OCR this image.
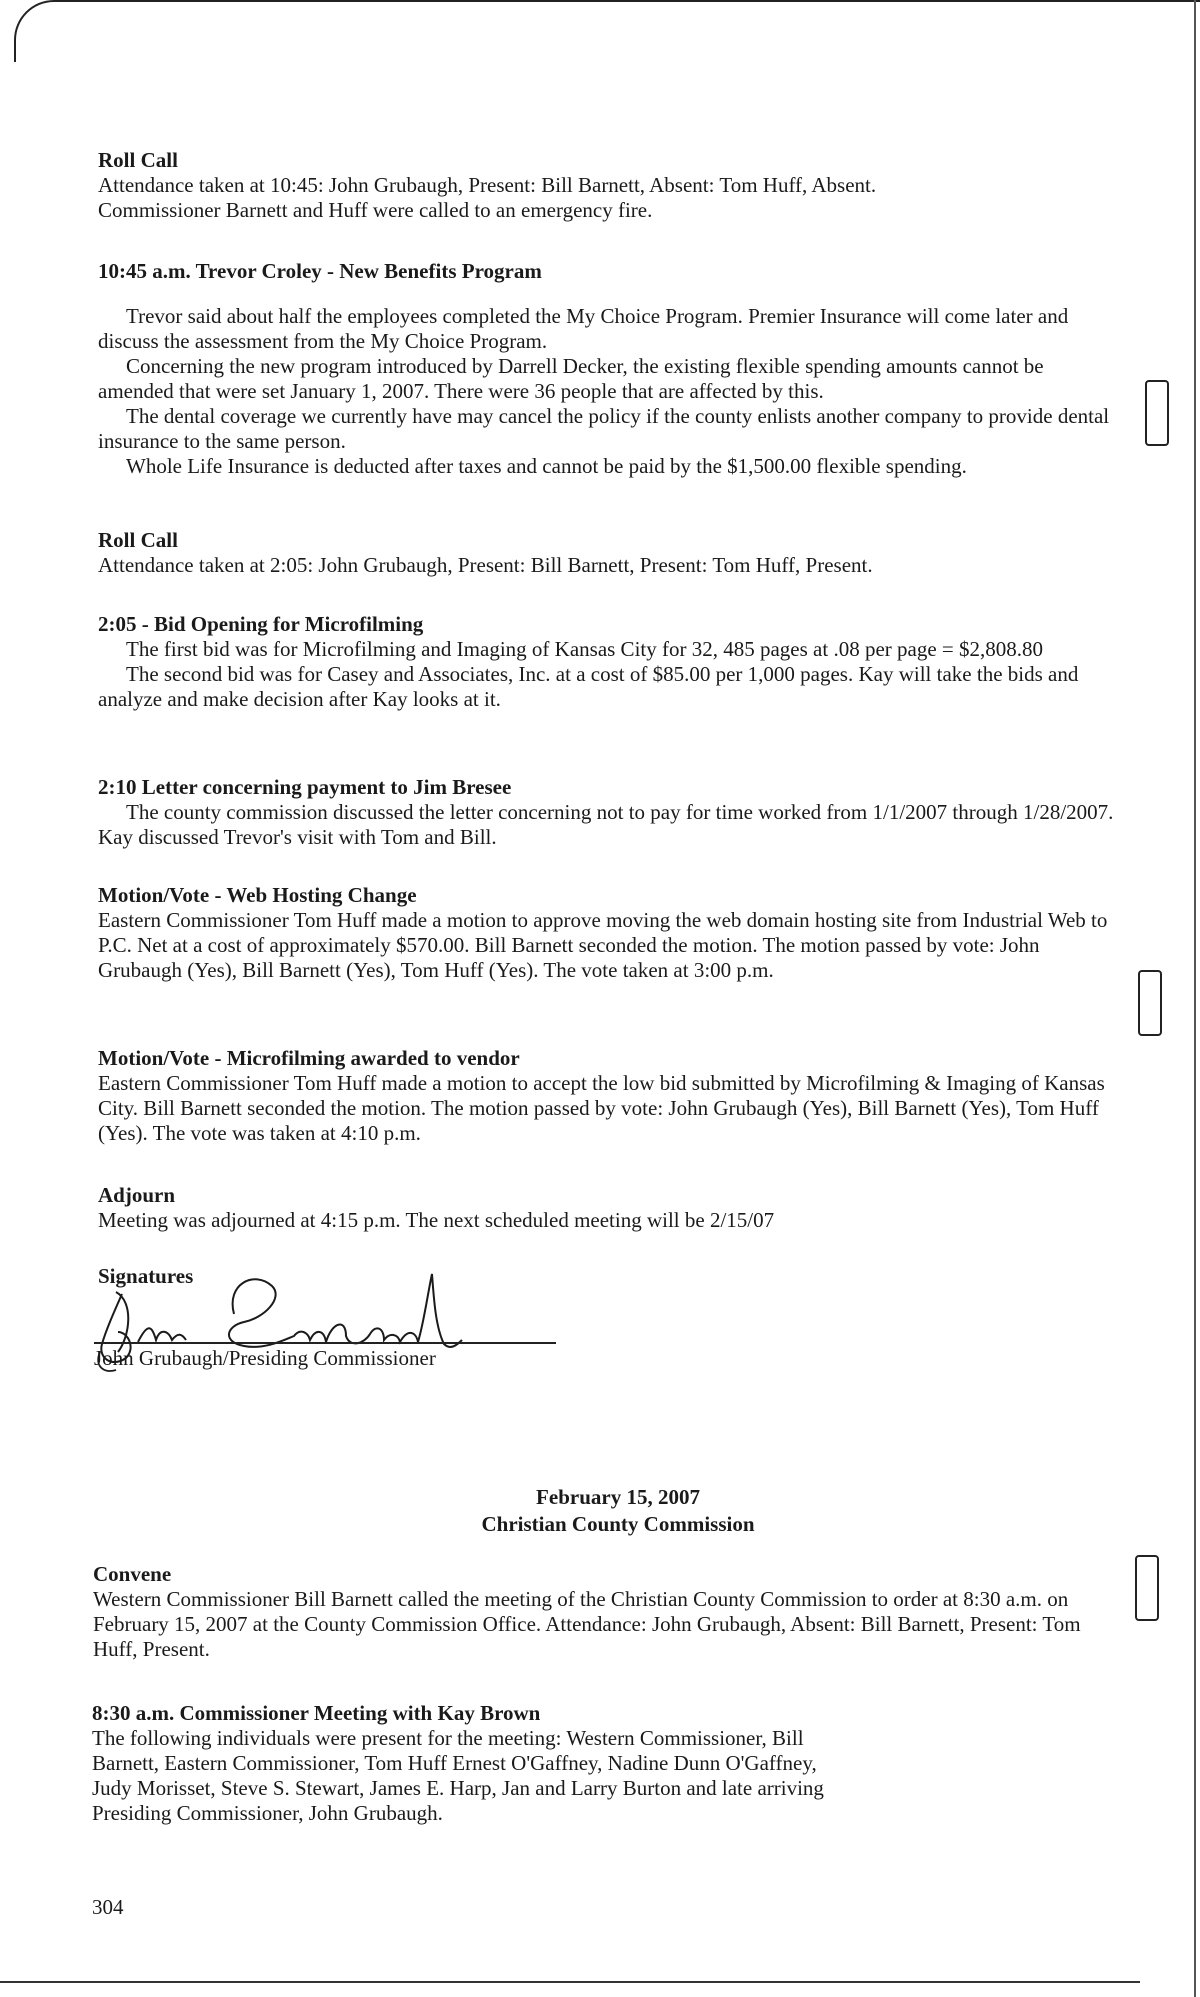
Roll Call

Attendance taken at 10:45: John Grubaugh, Present: Bill Barnett, Absent: Tom Huff, Absent.

Commissioner Barnett and Huff were called to an emergency fire.

10:45 a.m. Trevor Croley - New Benefits Program

Trevor said about half the employees completed the My Choice Program. Premier Insurance will come later and discuss the assessment from the My Choice Program.

Concerning the new program introduced by Darrell Decker, the existing flexible spending amounts cannot be amended that were set January 1, 2007. There were 36 people that are affected by this.

The dental coverage we currently have may cancel the policy if the county enlists another company to provide dental insurance to the same person.

Whole Life Insurance is deducted after taxes and cannot be paid by the $1,500.00 flexible spending.

Roll Call

Attendance taken at 2:05: John Grubaugh, Present: Bill Barnett, Present: Tom Huff, Present.

2:05 - Bid Opening for Microfilming

The first bid was for Microfilming and Imaging of Kansas City for 32, 485 pages at .08 per page = $2,808.80

The second bid was for Casey and Associates, Inc. at a cost of $85.00 per 1,000 pages. Kay will take the bids and analyze and make decision after Kay looks at it.

2:10 Letter concerning payment to Jim Bresee

The county commission discussed the letter concerning not to pay for time worked from 1/1/2007 through 1/28/2007. Kay discussed Trevor's visit with Tom and Bill.

Motion/Vote - Web Hosting Change

Eastern Commissioner Tom Huff made a motion to approve moving the web domain hosting site from Industrial Web to P.C. Net at a cost of approximately $570.00. Bill Barnett seconded the motion. The motion passed by vote: John Grubaugh (Yes), Bill Barnett (Yes), Tom Huff (Yes). The vote taken at 3:00 p.m.

Motion/Vote - Microfilming awarded to vendor

Eastern Commissioner Tom Huff made a motion to accept the low bid submitted by Microfilming & Imaging of Kansas City. Bill Barnett seconded the motion. The motion passed by vote: John Grubaugh (Yes), Bill Barnett (Yes), Tom Huff (Yes). The vote was taken at 4:10 p.m.

Adjourn

Meeting was adjourned at 4:15 p.m. The next scheduled meeting will be 2/15/07

Signatures
John Grubaugh/Presiding Commissioner
February 15, 2007
Christian County Commission
Convene

Western Commissioner Bill Barnett called the meeting of the Christian County Commission to order at 8:30 a.m. on February 15, 2007 at the County Commission Office. Attendance: John Grubaugh, Absent: Bill Barnett, Present: Tom Huff, Present.

8:30 a.m. Commissioner Meeting with Kay Brown

The following individuals were present for the meeting: Western Commissioner, Bill

Barnett, Eastern Commissioner, Tom Huff Ernest O'Gaffney, Nadine Dunn O'Gaffney,

Judy Morisset, Steve S. Stewart, James E. Harp, Jan and Larry Burton and late arriving

Presiding Commissioner, John Grubaugh.

304
